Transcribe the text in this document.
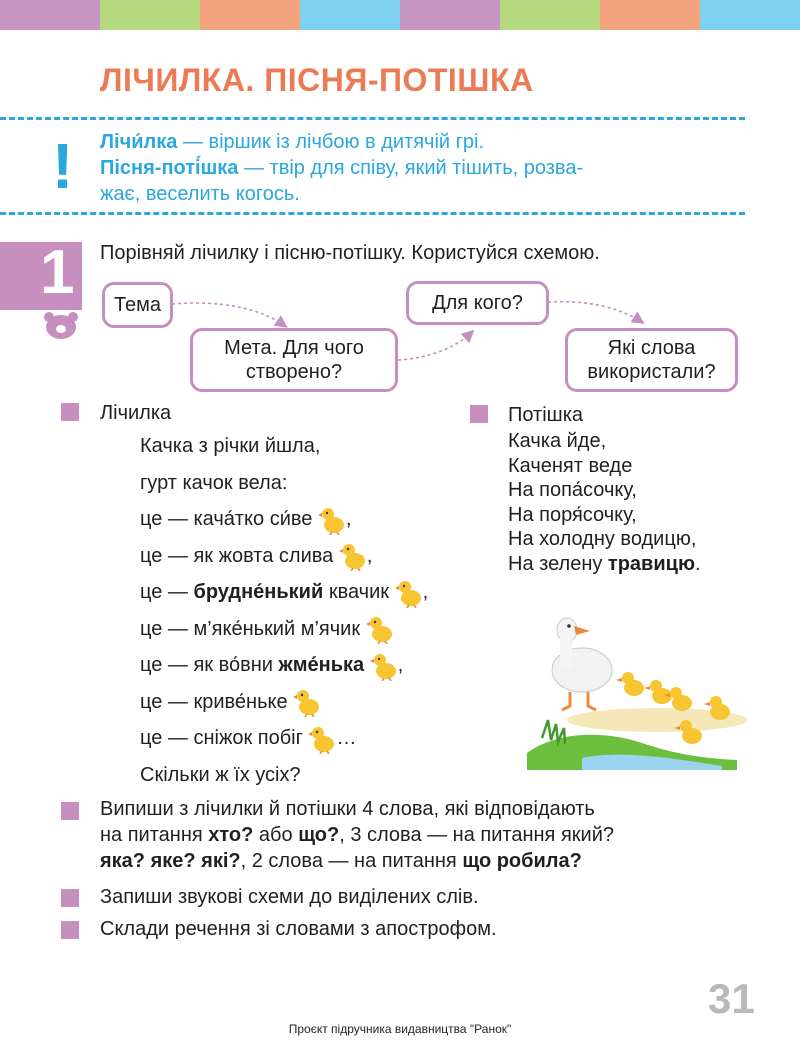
ЛІЧИЛКА. ПІСНЯ-ПОТІШКА
! Лічи́лка — віршик із лічбою в дитячій грі.
Пісня-поті́шка — твір для співу, який тішить, розва-
жає, веселить когось.
1 Порівняй лічилку і пісню-потішку. Користуйся схемою.
Тема
Мета. Для чого
створено?
Для кого?
Які слова
використали?
Лічилка
Качка з річки йшла,
гурт качок вела:
це — кача́тко си́ве ,
це — як жовта слива ,
це — брудне́нький квачик ,
це — м’яке́нький м’ячик
це — як во́вни жме́нька ,
це — криве́ньке
це — сніжок побіг …
Скільки ж їх усіх?
Потішка
Качка йде,
Каченят веде
На попа́сочку,
На поря́сочку,
На холодну водицю,
На зелену травицю.
Випиши з лічилки й потішки 4 слова, які відповідають
на питання хто? або що?, 3 слова — на питання який?
яка? яке? які?, 2 слова — на питання що робила?
Запиши звукові схеми до виділених слів.
Склади речення зі словами з апострофом.
31
Проєкт підручника видавництва "Ранок"
